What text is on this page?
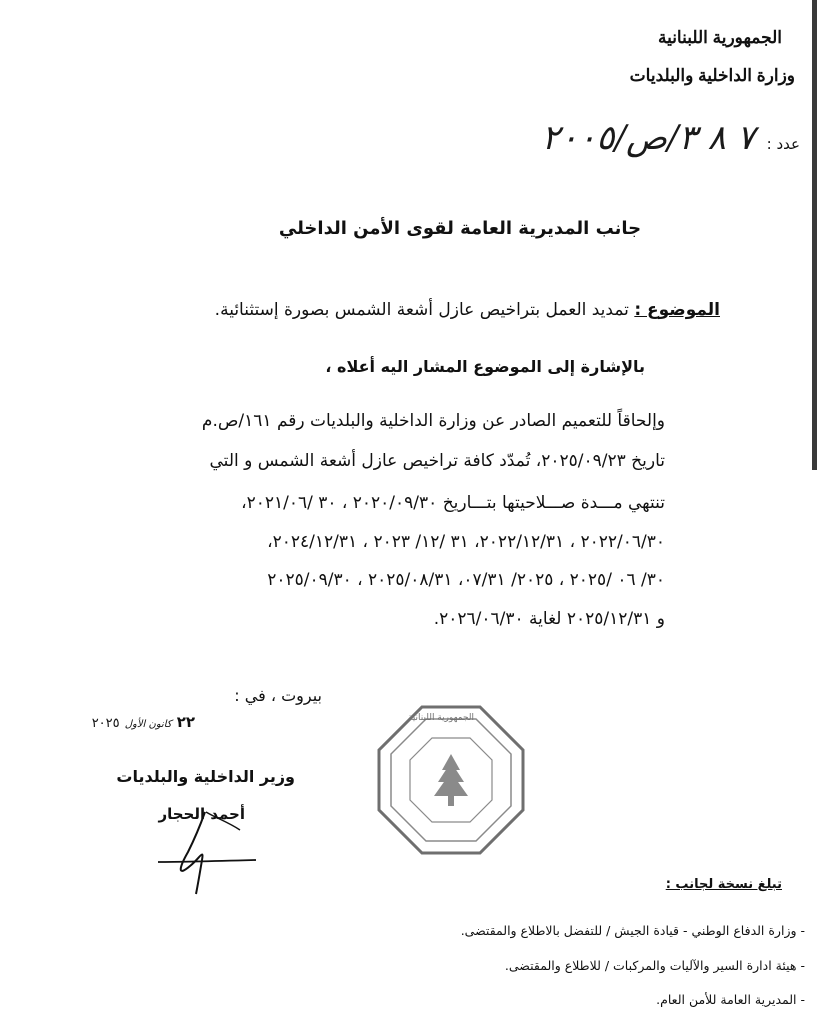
الجمهورية اللبنانية
وزارة الداخلية والبلديات
عدد :
٧ ٨ ٣/ص/٢٠٠٥
جانب المديرية العامة لقوى الأمن الداخلي
الموضوع : تمديد العمل بتراخيص عازل أشعة الشمس بصورة إستثنائية.
بالإشارة إلى الموضوع المشار اليه أعلاه ،
وإلحاقاً للتعميم الصادر عن وزارة الداخلية والبلديات رقم ١٦١/ص.م
تاريخ ٢٠٢٥/٠٩/٢٣، تُمدّد كافة تراخيص عازل أشعة الشمس و التي
تنتهي مـــدة صـــلاحيتها بتـــاريخ ٢٠٢٠/٠٩/٣٠ ، ٣٠ /٢٠٢١/٠٦،
٢٠٢٢/٠٦/٣٠ ، ٢٠٢٢/١٢/٣١، ٣١ /١٢/ ٢٠٢٣ ، ٢٠٢٤/١٢/٣١،
٣٠/ ٠٦ /٢٠٢٥ ، ٢٠٢٥/ ٠٧/٣١، ٢٠٢٥/٠٨/٣١ ، ٢٠٢٥/٠٩/٣٠
و ٢٠٢٥/١٢/٣١ لغاية ٢٠٢٦/٠٦/٣٠.
بيروت ، في :
٢٢ كانون الأول ٢٠٢٥	الجمهورية اللبنانية
وزير الداخلية والبلديات
أحمد الحجار
تبلغ نسخة لجانب :
- وزارة الدفاع الوطني - قيادة الجيش / للتفضل بالاطلاع والمقتضى.
- هيئة ادارة السير والآليات والمركبات / للاطلاع والمقتضى.
- المديرية العامة للأمن العام.
